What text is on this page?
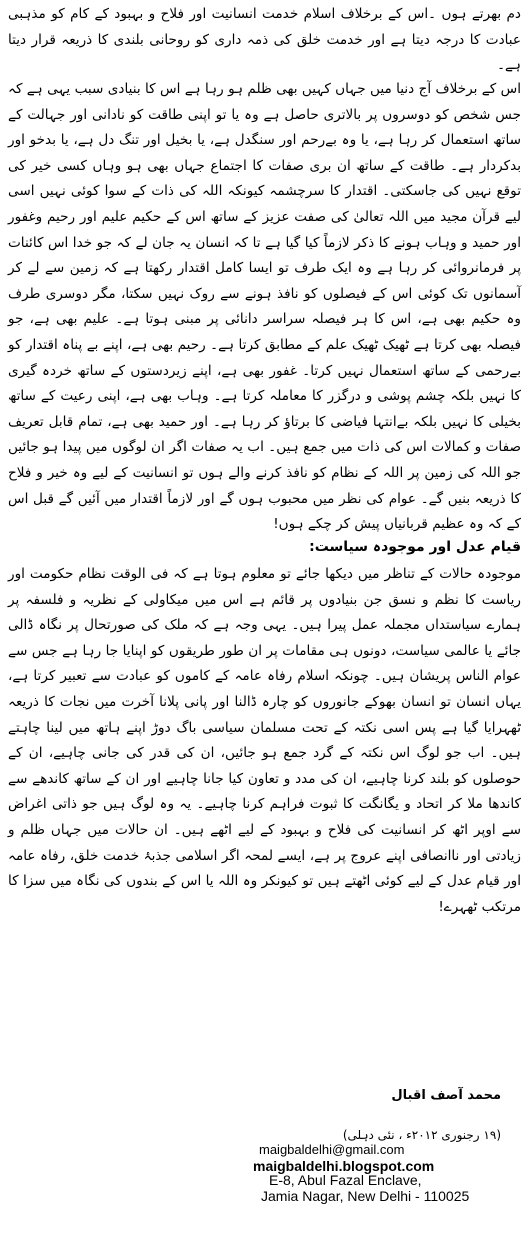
دم بھرتے ہوں ۔اس کے برخلاف اسلام خدمت انسانیت اور فلاح و بہبود کے کام کو مذہبی عبادت کا درجہ دیتا ہے اور خدمت خلق کی ذمہ داری کو روحانی بلندی کا ذریعہ قرار دیتا ہے۔

اس کے برخلاف آج دنیا میں جہاں کہیں بھی ظلم ہو رہا ہے اس کا بنیادی سبب یہی ہے کہ جس شخص کو دوسروں پر بالاتری حاصل ہے وہ یا تو اپنی طاقت کو نادانی اور جہالت کے ساتھ استعمال کر رہا ہے، یا وہ بےرحم اور سنگدل ہے، یا بخیل اور تنگ دل ہے، یا بدخو اور بدکردار ہے۔ طاقت کے ساتھ ان بری صفات کا اجتماع جہاں بھی ہو وہاں کسی خیر کی توقع نہیں کی جاسکتی۔ اقتدار کا سرچشمہ کیونکہ اللہ کی ذات کے سوا کوئی نہیں اسی لیے قرآن مجید میں اللہ تعالیٰ کی صفت عزیز کے ساتھ اس کے حکیم علیم اور رحیم وغفور اور حمید و وہاب ہونے کا ذکر لازماً کیا گیا ہے تا کہ انسان یہ جان لے کہ جو خدا اس کائنات پر فرمانروائی کر رہا ہے وہ ایک طرف تو ایسا کامل اقتدار رکھتا ہے کہ زمین سے لے کر آسمانوں تک کوئی اس کے فیصلوں کو نافذ ہونے سے روک نہیں سکتا، مگر دوسری طرف وہ حکیم بھی ہے، اس کا ہر فیصلہ سراسر دانائی پر مبنی ہوتا ہے۔ علیم بھی ہے، جو فیصلہ بھی کرتا ہے ٹھیک ٹھیک علم کے مطابق کرتا ہے۔ رحیم بھی ہے، اپنے بے پناہ اقتدار کو بےرحمی کے ساتھ استعمال نہیں کرتا۔ غفور بھی ہے، اپنے زیردستوں کے ساتھ خردہ گیری کا نہیں بلکہ چشم پوشی و درگزر کا معاملہ کرتا ہے۔ وہاب بھی ہے، اپنی رعیت کے ساتھ بخیلی کا نہیں بلکہ بےانتہا فیاضی کا برتاؤ کر رہا ہے۔ اور حمید بھی ہے، تمام قابل تعریف صفات و کمالات اس کی ذات میں جمع ہیں۔ اب یہ صفات اگر ان لوگوں میں پیدا ہو جائیں جو اللہ کی زمین پر اللہ کے نظام کو نافذ کرنے والے ہوں تو انسانیت کے لیے وہ خیر و فلاح کا ذریعہ بنیں گے۔ عوام کی نظر میں محبوب ہوں گے اور لازماً اقتدار میں آئیں گے قبل اس کے کہ وہ عظیم قربانیاں پیش کر چکے ہوں!

قیام عدل اور موجودہ سیاست:

موجودہ حالات کے تناظر میں دیکھا جائے تو معلوم ہوتا ہے کہ فی الوقت نظام حکومت اور ریاست کا نظم و نسق جن بنیادوں پر قائم ہے اس میں میکاولی کے نظریہ و فلسفہ پر ہمارے سیاستداں مجملہ عمل پیرا ہیں۔ یہی وجہ ہے کہ ملک کی صورتحال پر نگاہ ڈالی جائے یا عالمی سیاست، دونوں ہی مقامات پر ان طور طریقوں کو اپنایا جا رہا ہے جس سے عوام الناس پریشان ہیں۔ چونکہ اسلام رفاہ عامہ کے کاموں کو عبادت سے تعبیر کرتا ہے، یہاں انسان تو انسان بھوکے جانوروں کو چارہ ڈالنا اور پانی پلانا آخرت میں نجات کا ذریعہ ٹھہرایا گیا ہے پس اسی نکتہ کے تحت مسلمان سیاسی باگ دوڑ اپنے ہاتھ میں لینا چاہتے ہیں۔ اب جو لوگ اس نکتہ کے گرد جمع ہو جائیں، ان کی قدر کی جانی چاہیے، ان کے حوصلوں کو بلند کرنا چاہیے، ان کی مدد و تعاون کیا جانا چاہیے اور ان کے ساتھ کاندھے سے کاندھا ملا کر اتحاد و یگانگت کا ثبوت فراہم کرنا چاہیے۔ یہ وہ لوگ ہیں جو ذاتی اغراض سے اوپر اٹھ کر انسانیت کی فلاح و بہبود کے لیے اٹھے ہیں۔ ان حالات میں جہاں ظلم و زیادتی اور ناانصافی اپنے عروج پر ہے، ایسے لمحہ اگر اسلامی جذبۂ خدمت خلق، رفاہ عامہ اور قیام عدل کے لیے کوئی اٹھتے ہیں تو کیونکر وہ اللہ یا اس کے بندوں کی نگاہ میں سزا کا مرتکب ٹھہرے!

محمد آصف اقبال
(۱۹ رجنوری ۲۰۱۲ء ، نئی دہلی)
maigbaldelhi@gmail.com
maigbaldelhi.blogspot.com
E-8, Abul Fazal Enclave,
Jamia Nagar, New Delhi - 110025
